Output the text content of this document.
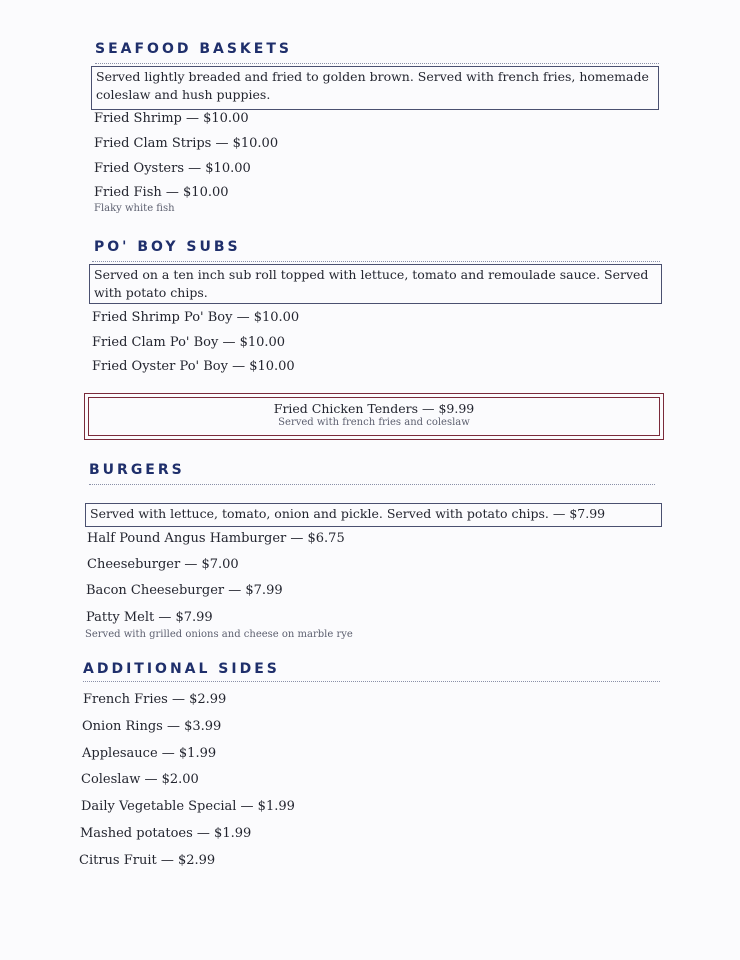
SEAFOOD BASKETS
Served lightly breaded and fried to golden brown. Served with french fries, homemade coleslaw and hush puppies.
Fried Shrimp — $10.00
Fried Clam Strips — $10.00
Fried Oysters — $10.00
Fried Fish — $10.00
Flaky white fish
PO' BOY SUBS
Served on a ten inch sub roll topped with lettuce, tomato and remoulade sauce. Served with potato chips.
Fried Shrimp Po' Boy — $10.00
Fried Clam Po' Boy — $10.00
Fried Oyster Po' Boy — $10.00
Fried Chicken Tenders — $9.99
Served with french fries and coleslaw
BURGERS
Served with lettuce, tomato, onion and pickle. Served with potato chips. — $7.99
Half Pound Angus Hamburger — $6.75
Cheeseburger — $7.00
Bacon Cheeseburger — $7.99
Patty Melt — $7.99
Served with grilled onions and cheese on marble rye
ADDITIONAL SIDES
French Fries — $2.99
Onion Rings — $3.99
Applesauce — $1.99
Coleslaw — $2.00
Daily Vegetable Special — $1.99
Mashed potatoes — $1.99
Citrus Fruit — $2.99
